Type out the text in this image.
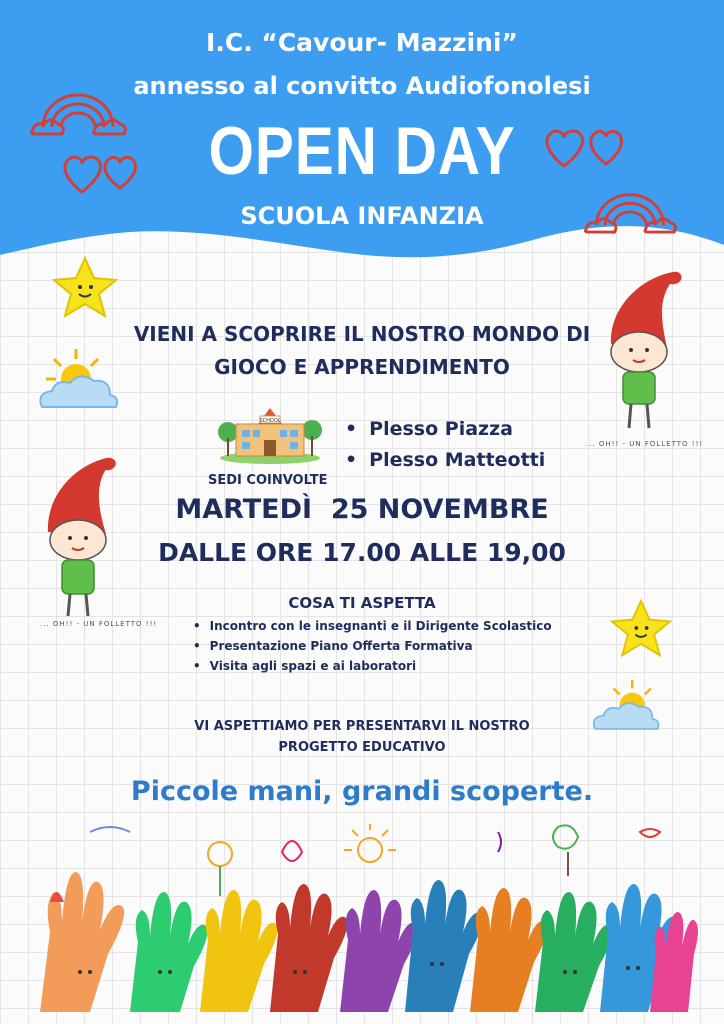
I.C. “Cavour- Mazzini”
annesso al convitto Audiofonolesi
OPEN DAY
SCUOLA INFANZIA
... OH!! - UN FOLLETTO !!!
... OH!! - UN FOLLETTO !!!
VIENI A SCOPRIRE IL NOSTRO MONDO DI
GIOCO E APPRENDIMENTO
SCHOOL
SEDI COINVOLTE
• Plesso Piazza
• Plesso Matteotti
MARTEDÌ  25 NOVEMBRE
DALLE ORE 17.00 ALLE 19,00
COSA TI ASPETTA
• Incontro con le insegnanti e il Dirigente Scolastico
• Presentazione Piano Offerta Formativa
• Visita agli spazi e ai laboratori
VI ASPETTIAMO PER PRESENTARVI IL NOSTRO
PROGETTO EDUCATIVO
Piccole mani, grandi scoperte.
